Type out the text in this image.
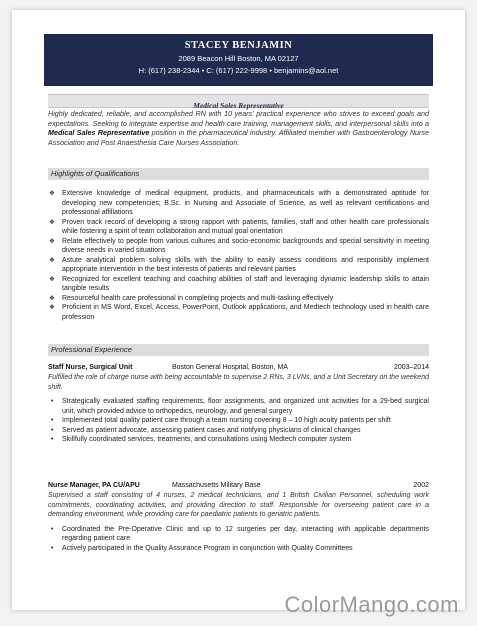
STACEY BENJAMIN
2089 Beacon Hill Boston, MA 02127
H: (617) 238-2344 • C: (617) 222-9998 • benjamins@aol.net
Medical Sales Representative
Highly dedicated, reliable, and accomplished RN with 10 years' practical experience who strives to exceed goals and expectations. Seeking to integrate expertise and health care training, management skills, and interpersonal skills into a Medical Sales Representative position in the pharmaceutical industry. Affiliated member with Gastroenterology Nurse Association and Post Anaesthesia Care Nurses Association.
Highlights of Qualifications
❖ Extensive knowledge of medical equipment, products, and pharmaceuticals with a demonstrated aptitude for developing new competencies; B.Sc. in Nursing and Associate of Science, as well as relevant certifications and professional affiliations
❖ Proven track record of developing a strong rapport with patients, families, staff and other health care professionals while fostering a spirit of team collaboration and mutual goal orientation
❖ Relate effectively to people from various cultures and socio-economic backgrounds and special sensitivity in meeting diverse needs in varied situations
❖ Astute analytical problem solving skills with the ability to easily assess conditions and responsibly implement appropriate intervention in the best interests of patients and relevant parties
❖ Recognized for excellent teaching and coaching abilities of staff and leveraging dynamic leadership skills to attain tangible results
❖ Resourceful health care professional in completing projects and multi-tasking effectively
❖ Proficient in MS Word, Excel, Access, PowerPoint, Outlook applications, and Medtech technology used in health care profession
Professional Experience
Staff Nurse, Surgical Unit	Boston General Hospital, Boston, MA	2003–2014
Fulfilled the role of charge nurse with being accountable to supervise 2 RNs, 3 LVNs, and a Unit Secretary on the weekend shift.
• Strategically evaluated staffing requirements, floor assignments, and organized unit activities for a 29-bed surgical unit, which provided advice to orthopedics, neurology, and general surgery
• Implemented total quality patient care through a team nursing covering 8 – 10 high acuity patients per shift
• Served as patient advocate, assessing patient cases and notifying physicians of clinical changes
• Skillfully coordinated services, treatments, and consultations using Medtech computer system
Nurse Manager, PA CU/APU	Massachusetts Military Base	2002
Supervised a staff consisting of 4 nurses, 2 medical technicians, and 1 British Civilian Personnel, scheduling work commitments, coordinating activities, and providing direction to staff. Responsible for overseeing patient care in a demanding environment, while providing care for paediatric patients to geriatric patients.
• Coordinated the Pre-Operative Clinic and up to 12 surgeries per day, interacting with applicable departments regarding patient care
• Actively participated in the Quality Assurance Program in conjunction with Quality Committees
ColorMango.com
